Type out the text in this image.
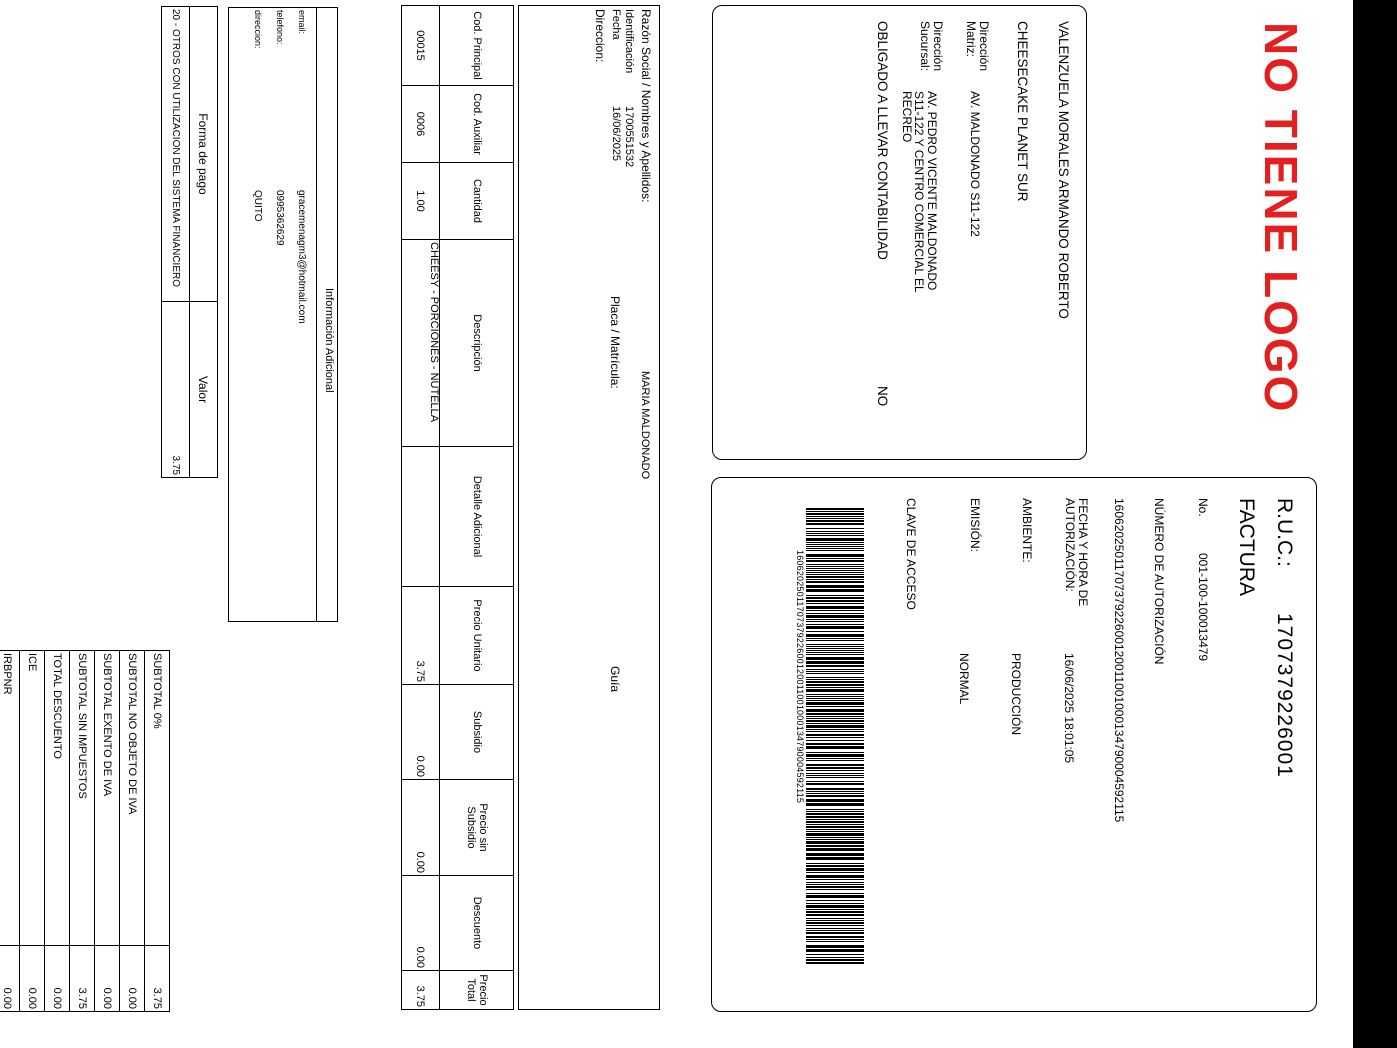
NO TIENE LOGO
VALENZUELA MORALES ARMANDO ROBERTO
CHEESECAKE PLANET SUR
Dirección Matriz:
AV. MALDONADO S11-122
Dirección Sucursal:
AV. PEDRO VICENTE MALDONADO S11-122 Y CENTRO COMERCIAL EL RECREO
OBLIGADO A LLEVAR CONTABILIDAD
NO
R.U.C.:
1707379226001
FACTURA
No.
001-100-100013479
NÚMERO DE AUTORIZACIÓN
1606202501170737922600120011001000134790004592115
FECHA Y HORA DE AUTORIZACIÓN:
16/06/2025 18:01:05
AMBIENTE:
PRODUCCIÓN
EMISIÓN:
NORMAL
CLAVE DE ACCESO
1606202501170737922600120011001000134790004592115
Razón Social / Nombres y Apellidos:
MARIA MALDONADO
Identificación
1700551532
Fecha
16/06/2025
Placa / Matrícula:
Guía
Direccion:
Cod. Principal	Cod. Auxiliar	Cantidad	Descripción	Detalle Adicional	Precio Unitario	Subsidio	Precio sin Subsidio	Descuento	Precio Total
00015	0006	1.00	CHEESY - PORCIONES - NUTELLA		3.75	0.00	0.00	0.00	3.75
Información Adicional
email:
gracemenagm3@hotmail.com
telefono:
0995362629
direccion:
QUITO
Forma de pago	Valor
20 - OTROS CON UTILIZACION DEL SISTEMA FINANCIERO	3.75
SUBTOTAL 0%	3.75
SUBTOTAL NO OBJETO DE IVA	0.00
SUBTOTAL EXENTO DE IVA	0.00
SUBTOTAL SIN IMPUESTOS	3.75
TOTAL DESCUENTO	0.00
ICE	0.00
IRBPNR	0.00
